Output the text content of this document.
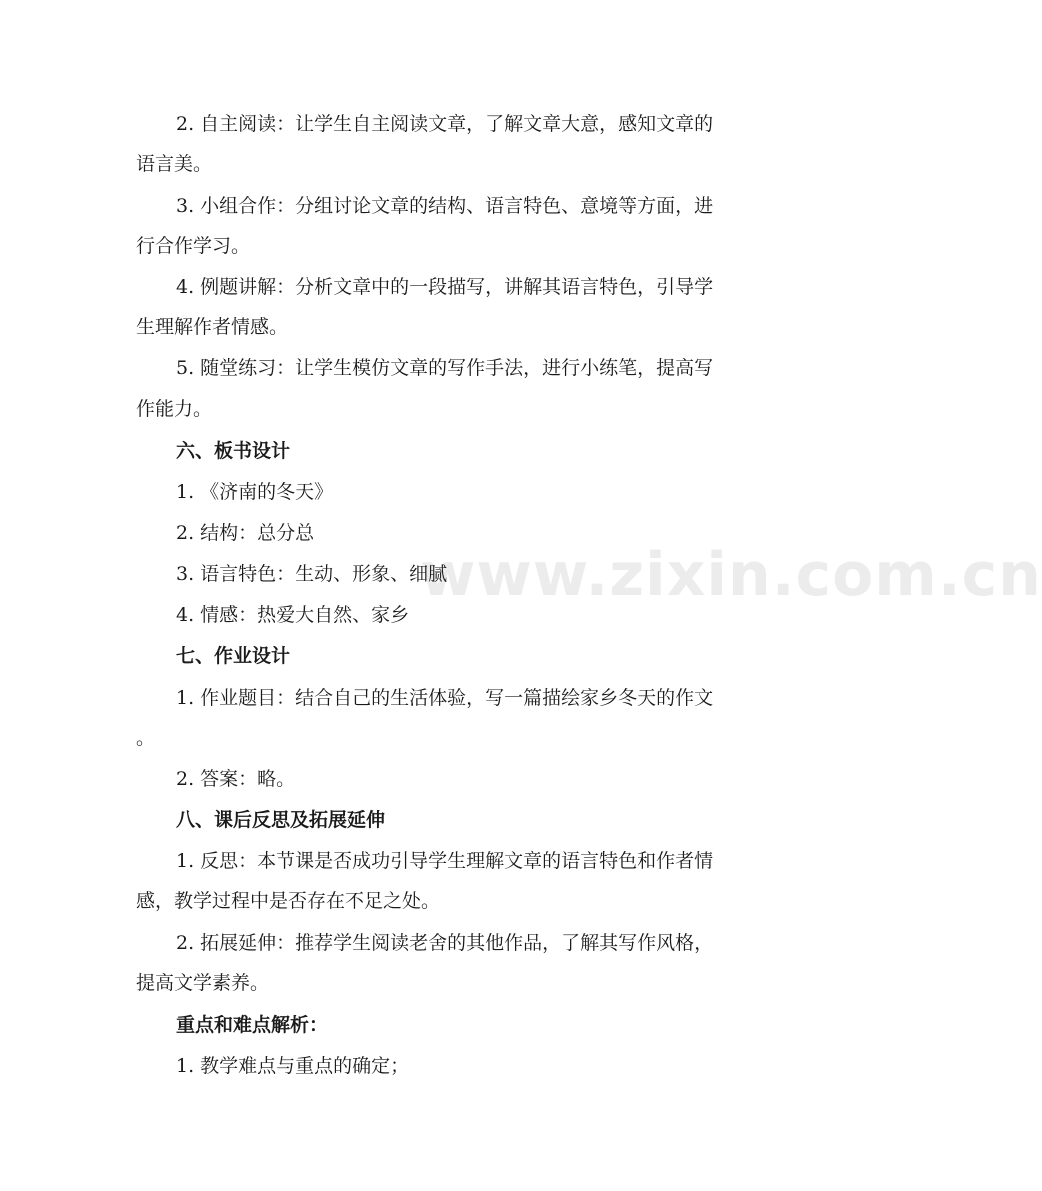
www.zixin.com.cn
2. 自主阅读：让学生自主阅读文章，了解文章大意，感知文章的
语言美。
3. 小组合作：分组讨论文章的结构、语言特色、意境等方面，进
行合作学习。
4. 例题讲解：分析文章中的一段描写，讲解其语言特色，引导学
生理解作者情感。
5. 随堂练习：让学生模仿文章的写作手法，进行小练笔，提高写
作能力。
六、板书设计
1. 《济南的冬天》
2. 结构：总分总
3. 语言特色：生动、形象、细腻
4. 情感：热爱大自然、家乡
七、作业设计
1. 作业题目：结合自己的生活体验，写一篇描绘家乡冬天的作文
。
2. 答案：略。
八、课后反思及拓展延伸
1. 反思：本节课是否成功引导学生理解文章的语言特色和作者情
感，教学过程中是否存在不足之处。
2. 拓展延伸：推荐学生阅读老舍的其他作品，了解其写作风格，
提高文学素养。
重点和难点解析：
1. 教学难点与重点的确定；
